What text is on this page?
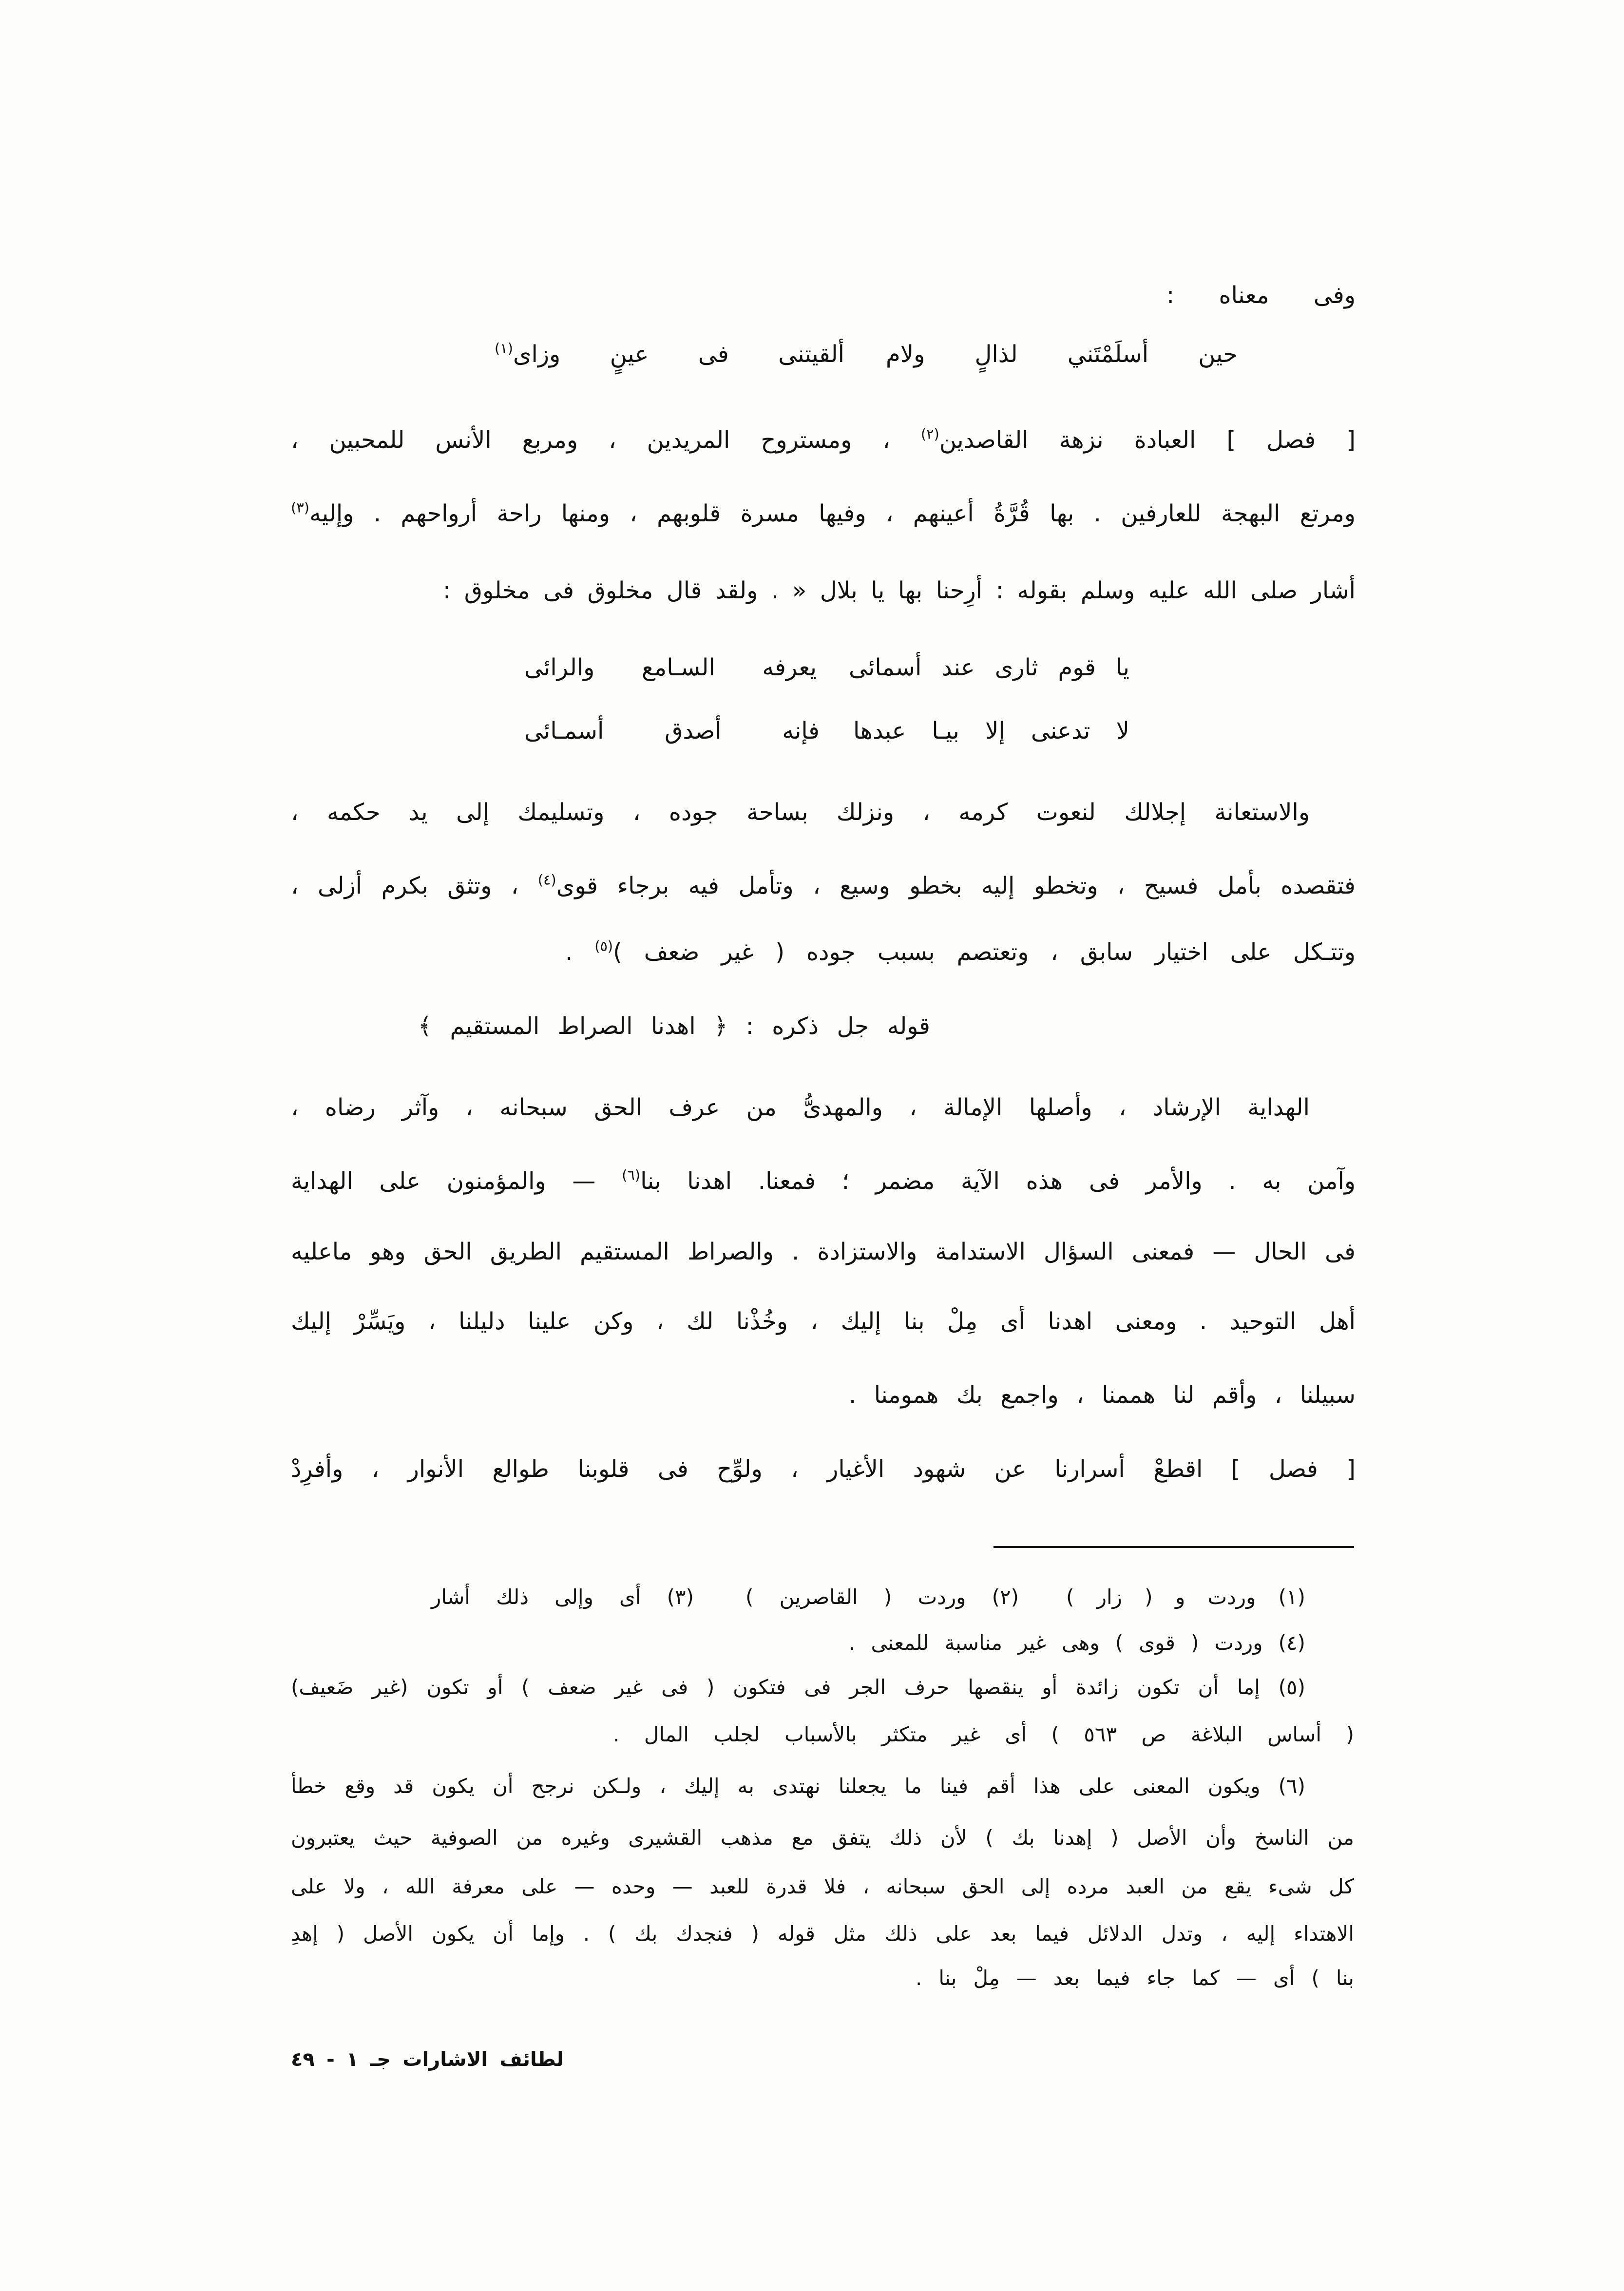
وفى معناه :
حين أسلَمْتَني لذالٍ ولام
ألقيتنى فى عينٍ وزاى$^{(١)}$
[ فصل ] العبادة نزهة القاصدين$^{(٢)}$ ، ومستروح المريدين ، ومربع الأنس للمحبين ،
ومرتع البهجة للعارفين . بها قُرَّةُ أعينهم ، وفيها مسرة قلوبهم ، ومنها راحة أرواحهم . وإليه$^{(٣)}$
أشار صلى الله عليه وسلم بقوله : أرِحنا بها يا بلال » . ولقد قال مخلوق فى مخلوق :
يا قوم ثارى عند أسمائى
يعرفه السـامع والرائى
لا تدعنى إلا بيـا عبدها
فإنه أصدق أسمـائى
والاستعانة إجلالك لنعوت كرمه ، ونزلك بساحة جوده ، وتسليمك إلى يد حكمه ،
فتقصده بأمل فسيح ، وتخطو إليه بخطو وسيع ، وتأمل فيه برجاء قوى$^{(٤)}$ ، وتثق بكرم أزلى ،
وتتـكل على اختيار سابق ، وتعتصم بسبب جوده ( غير ضعف )$^{(٥)}$ .
قوله جل ذكره : ﴿ اهدنا الصراط المستقيم ﴾
الهداية الإرشاد ، وأصلها الإمالة ، والمهدىُّ من عرف الحق سبحانه ، وآثر رضاه ،
وآمن به . والأمر فى هذه الآية مضمر ؛ فمعنا. اهدنا بنا$^{(٦)}$ — والمؤمنون على الهداية
فى الحال — فمعنى السؤال الاستدامة والاستزادة . والصراط المستقيم الطريق الحق وهو ماعليه
أهل التوحيد . ومعنى اهدنا أى مِلْ بنا إليك ، وخُذْنا لك ، وكن علينا دليلنا ، ويَسِّرْ إليك
سبيلنا ، وأقم لنا هممنا ، واجمع بك همومنا .
[ فصل ] اقطعْ أسرارنا عن شهود الأغيار ، ولوِّح فى قلوبنا طوالع الأنوار ، وأفرِدْ
(١) وردت و ( زار )
(٢) وردت ( القاصرين )
(٣) أى وإلى ذلك أشار
(٤) وردت ( قوى ) وهى غير مناسبة للمعنى .
(٥) إما أن تكون زائدة أو ينقصها حرف الجر فى فتكون ( فى غير ضعف ) أو تكون (غير ضَعيف)
( أساس البلاغة ص ٥٦٣ ) أى غير متكثر بالأسباب لجلب المال .
(٦) ويكون المعنى على هذا أقم فينا ما يجعلنا نهتدى به إليك ، ولـكن نرجح أن يكون قد وقع خطأ
من الناسخ وأن الأصل ( إهدنا بك ) لأن ذلك يتفق مع مذهب القشيرى وغيره من الصوفية حيث يعتبرون
كل شىء يقع من العبد مرده إلى الحق سبحانه ، فلا قدرة للعبد — وحده — على معرفة الله ، ولا على
الاهتداء إليه ، وتدل الدلائل فيما بعد على ذلك مثل قوله ( فنجدك بك ) . وإما أن يكون الأصل ( إهدِ
بنا ) أى — كما جاء فيما بعد — مِلْ بنا .
لطائف الاشارات جـ ١ - ٤٩
